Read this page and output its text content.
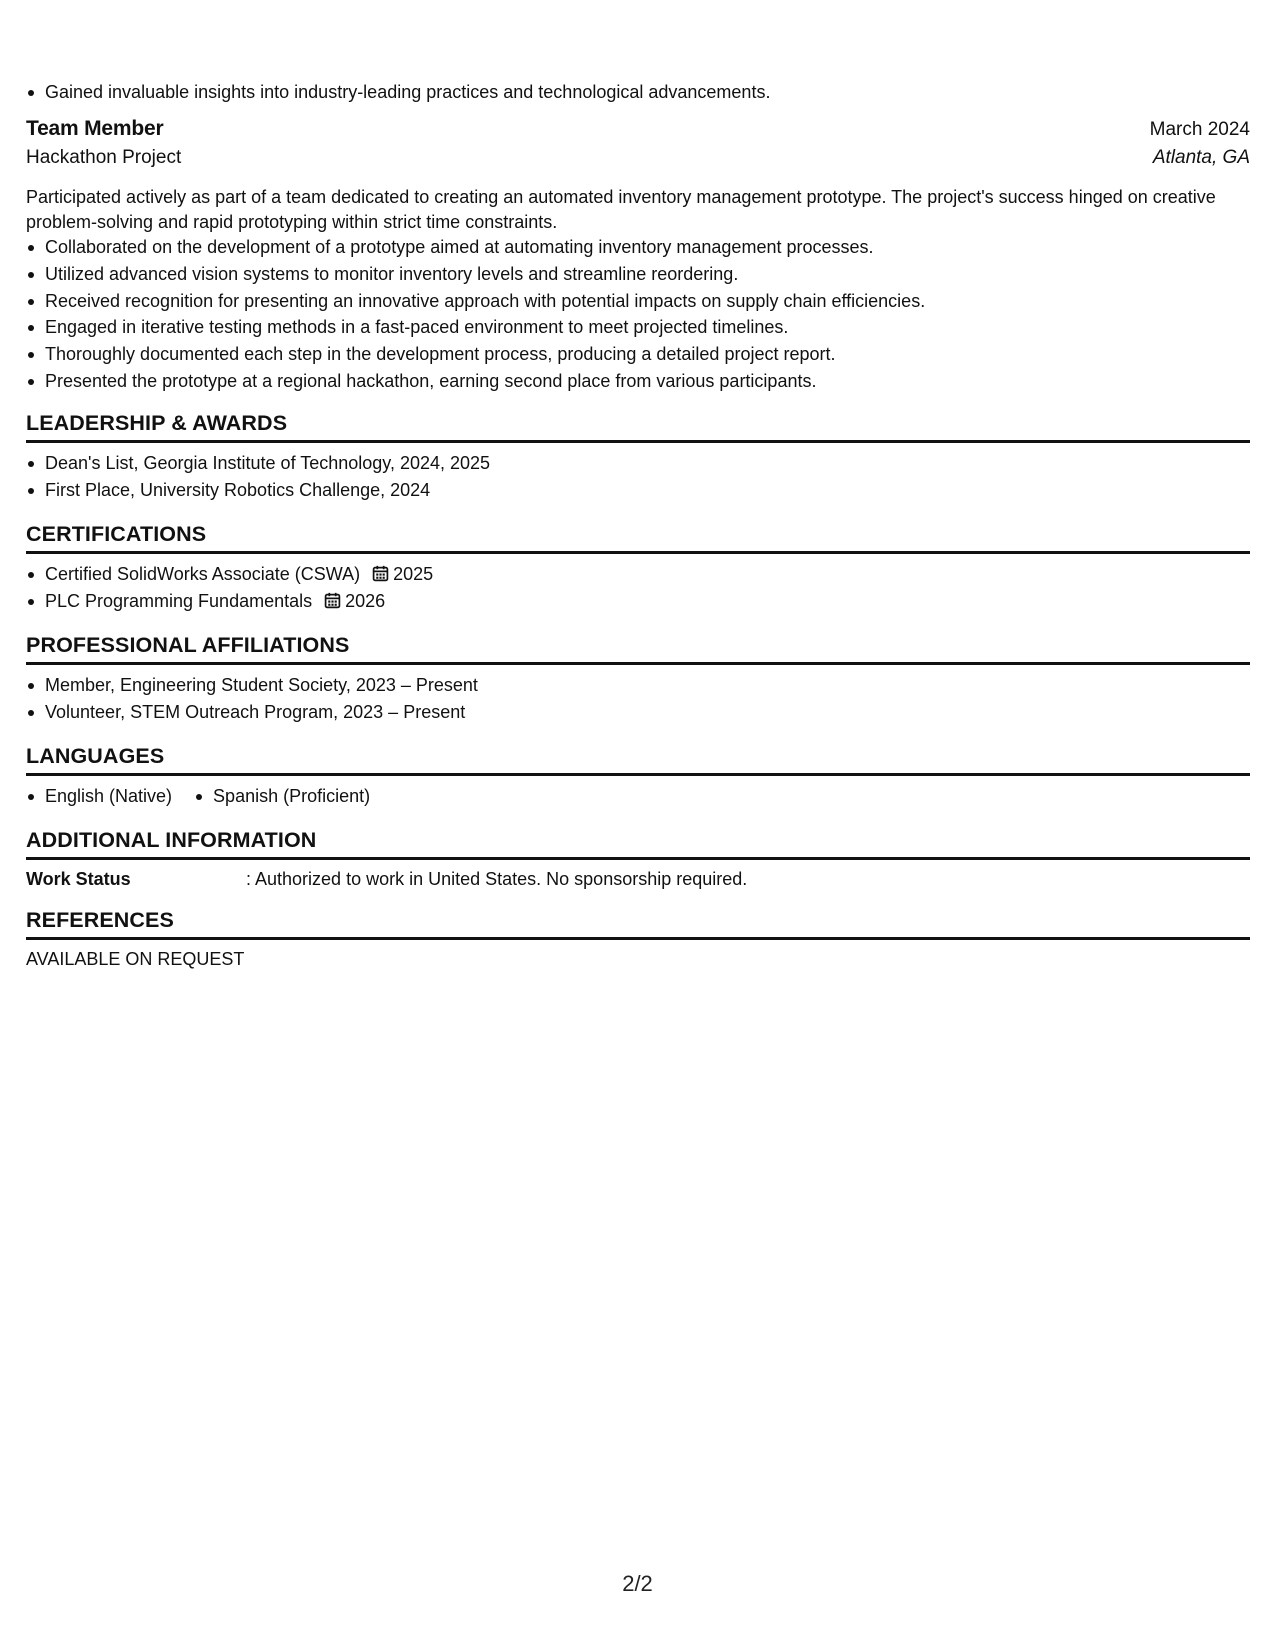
Gained invaluable insights into industry-leading practices and technological advancements.
Team Member	March 2024
Hackathon Project	Atlanta, GA
Participated actively as part of a team dedicated to creating an automated inventory management prototype. The project's success hinged on creative problem-solving and rapid prototyping within strict time constraints.
Collaborated on the development of a prototype aimed at automating inventory management processes.
Utilized advanced vision systems to monitor inventory levels and streamline reordering.
Received recognition for presenting an innovative approach with potential impacts on supply chain efficiencies.
Engaged in iterative testing methods in a fast-paced environment to meet projected timelines.
Thoroughly documented each step in the development process, producing a detailed project report.
Presented the prototype at a regional hackathon, earning second place from various participants.
LEADERSHIP & AWARDS
Dean's List, Georgia Institute of Technology, 2024, 2025
First Place, University Robotics Challenge, 2024
CERTIFICATIONS
Certified SolidWorks Associate (CSWA) 2025
PLC Programming Fundamentals 2026
PROFESSIONAL AFFILIATIONS
Member, Engineering Student Society, 2023 – Present
Volunteer, STEM Outreach Program, 2023 – Present
LANGUAGES
English (Native)	Spanish (Proficient)
ADDITIONAL INFORMATION
Work Status	: Authorized to work in United States. No sponsorship required.
REFERENCES
AVAILABLE ON REQUEST
2/2
